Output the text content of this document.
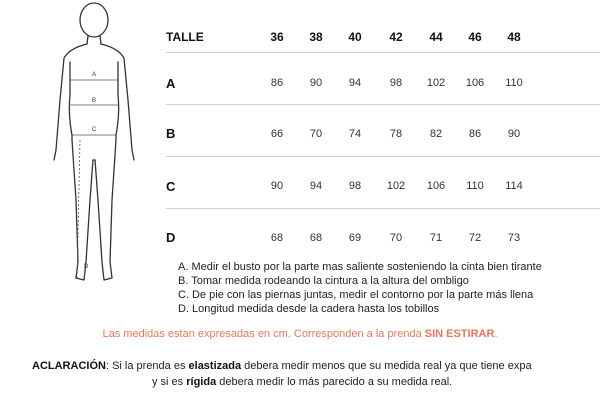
A
B
C
D
TALLE	36 38 40 42 44 46 48
A	86 90 94	98 102 106 110
B	66 70 74	78	82 86 90
C	90 94 98 102 106 110 114
D	68 68 69	70	71 72 73
A. Medir el busto por la parte mas saliente sosteniendo la cinta bien tirante
B. Tomar medida rodeando la cintura a la altura del ombligo
C. De pie con las piernas juntas, medir el contorno por la parte más llena
D. Longitud medida desde la cadera hasta los tobillos
Las medidas estan expresadas en cm. Corresponden a la prenda SIN ESTIRAR.
ACLARACIÓN: Si la prenda es elastizada debera medir menos que su medida real ya que tiene expa
y si es rígida debera medir lo más parecido a su medida real.
